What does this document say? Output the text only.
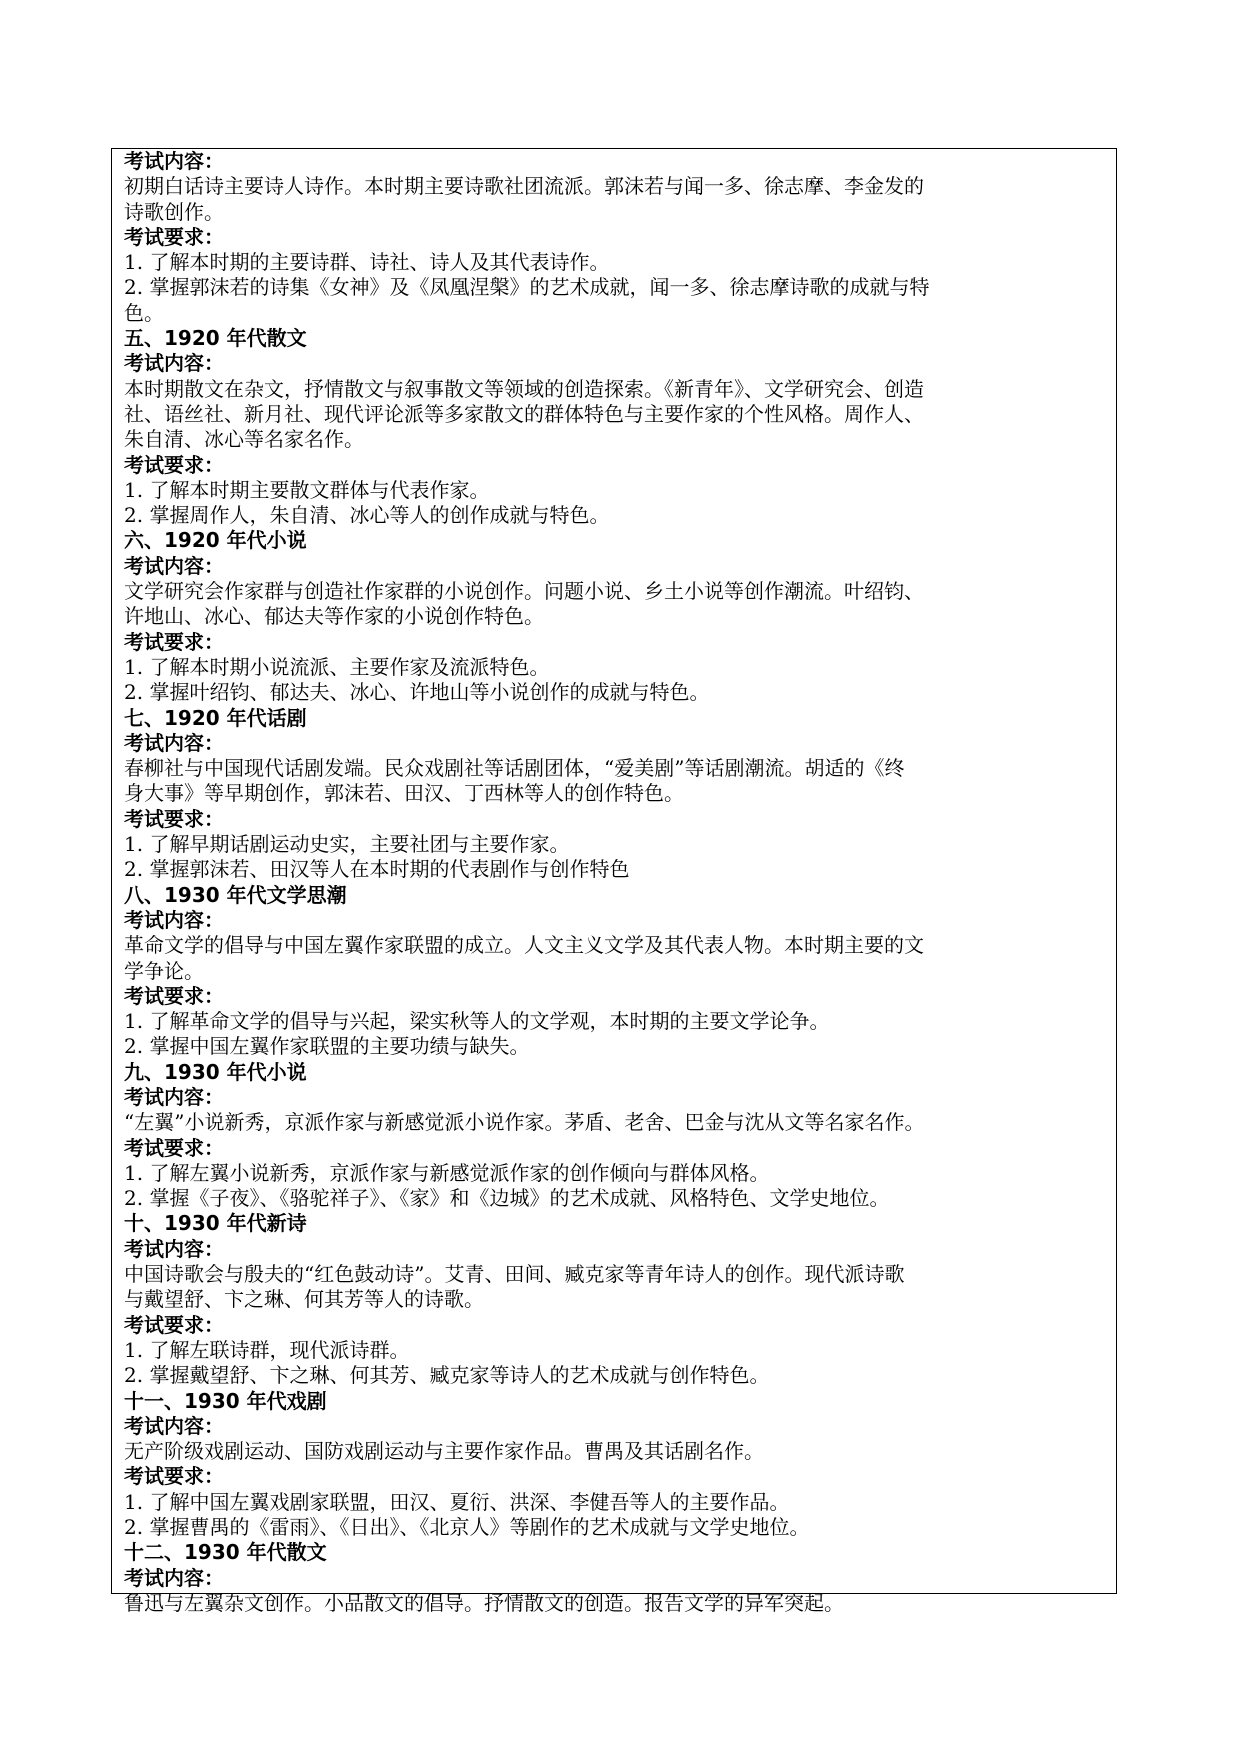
考试内容：
初期白话诗主要诗人诗作。本时期主要诗歌社团流派。郭沫若与闻一多、徐志摩、李金发的
诗歌创作。
考试要求：
1. 了解本时期的主要诗群、诗社、诗人及其代表诗作。
2. 掌握郭沫若的诗集《女神》及《凤凰涅槃》的艺术成就，闻一多、徐志摩诗歌的成就与特
色。
五、1920 年代散文
考试内容：
本时期散文在杂文，抒情散文与叙事散文等领域的创造探索。《新青年》、文学研究会、创造
社、语丝社、新月社、现代评论派等多家散文的群体特色与主要作家的个性风格。周作人、
朱自清、冰心等名家名作。
考试要求：
1. 了解本时期主要散文群体与代表作家。
2. 掌握周作人，朱自清、冰心等人的创作成就与特色。
六、1920 年代小说
考试内容：
文学研究会作家群与创造社作家群的小说创作。问题小说、乡土小说等创作潮流。叶绍钧、
许地山、冰心、郁达夫等作家的小说创作特色。
考试要求：
1. 了解本时期小说流派、主要作家及流派特色。
2. 掌握叶绍钧、郁达夫、冰心、许地山等小说创作的成就与特色。
七、1920 年代话剧
考试内容：
春柳社与中国现代话剧发端。民众戏剧社等话剧团体，“爱美剧”等话剧潮流。胡适的《终
身大事》等早期创作，郭沫若、田汉、丁西林等人的创作特色。
考试要求：
1. 了解早期话剧运动史实，主要社团与主要作家。
2. 掌握郭沫若、田汉等人在本时期的代表剧作与创作特色
八、1930 年代文学思潮
考试内容：
革命文学的倡导与中国左翼作家联盟的成立。人文主义文学及其代表人物。本时期主要的文
学争论。
考试要求：
1. 了解革命文学的倡导与兴起，梁实秋等人的文学观，本时期的主要文学论争。
2. 掌握中国左翼作家联盟的主要功绩与缺失。
九、1930 年代小说
考试内容：
“左翼”小说新秀，京派作家与新感觉派小说作家。茅盾、老舍、巴金与沈从文等名家名作。
考试要求：
1. 了解左翼小说新秀，京派作家与新感觉派作家的创作倾向与群体风格。
2. 掌握《子夜》、《骆驼祥子》、《家》和《边城》的艺术成就、风格特色、文学史地位。
十、1930 年代新诗
考试内容：
中国诗歌会与殷夫的“红色鼓动诗”。艾青、田间、臧克家等青年诗人的创作。现代派诗歌
与戴望舒、卞之琳、何其芳等人的诗歌。
考试要求：
1. 了解左联诗群，现代派诗群。
2. 掌握戴望舒、卞之琳、何其芳、臧克家等诗人的艺术成就与创作特色。
十一、1930 年代戏剧
考试内容：
无产阶级戏剧运动、国防戏剧运动与主要作家作品。曹禺及其话剧名作。
考试要求：
1. 了解中国左翼戏剧家联盟，田汉、夏衍、洪深、李健吾等人的主要作品。
2. 掌握曹禺的《雷雨》、《日出》、《北京人》等剧作的艺术成就与文学史地位。
十二、1930 年代散文
考试内容：
鲁迅与左翼杂文创作。小品散文的倡导。抒情散文的创造。报告文学的异军突起。
